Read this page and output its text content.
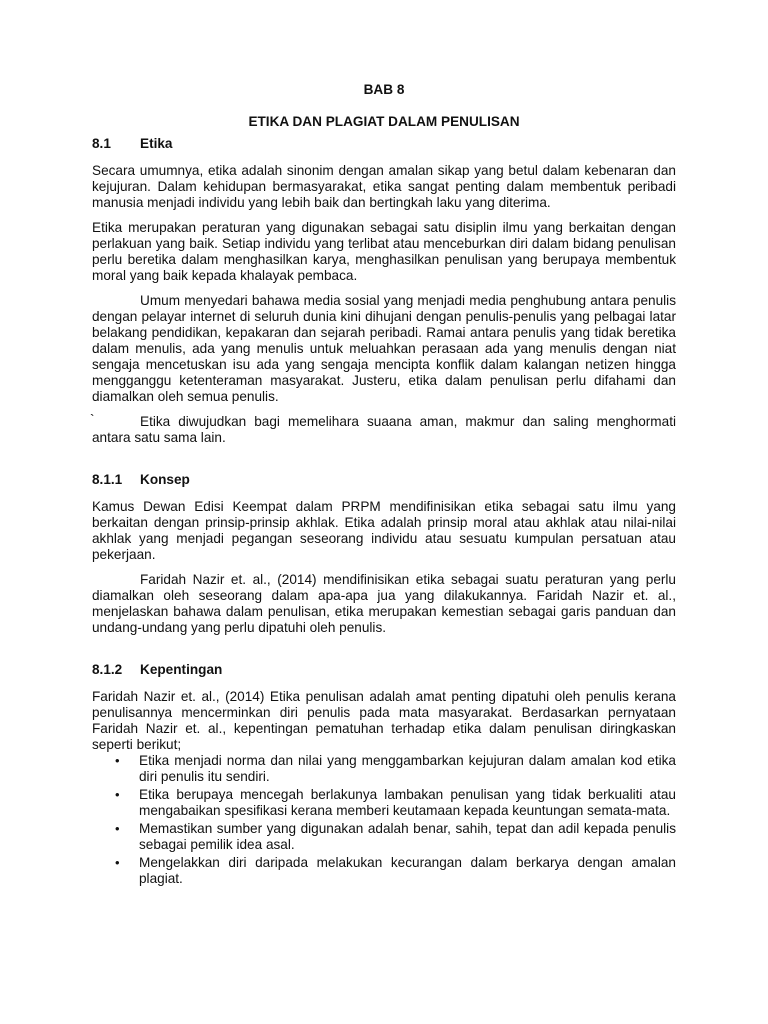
BAB 8
ETIKA DAN PLAGIAT DALAM PENULISAN
8.1	Etika

Secara umumnya, etika adalah sinonim dengan amalan sikap yang betul dalam kebenaran dan kejujuran. Dalam kehidupan bermasyarakat, etika sangat penting dalam membentuk peribadi manusia menjadi individu yang lebih baik dan bertingkah laku yang diterima.

Etika merupakan peraturan yang digunakan sebagai satu disiplin ilmu yang berkaitan dengan perlakuan yang baik. Setiap individu yang terlibat atau menceburkan diri dalam bidang penulisan perlu beretika dalam menghasilkan karya, menghasilkan penulisan yang berupaya membentuk moral yang baik kepada khalayak pembaca.

Umum menyedari bahawa media sosial yang menjadi media penghubung antara penulis dengan pelayar internet di seluruh dunia kini dihujani dengan penulis-penulis yang pelbagai latar belakang pendidikan, kepakaran dan sejarah peribadi. Ramai antara penulis yang tidak beretika dalam menulis, ada yang menulis untuk meluahkan perasaan ada yang menulis dengan niat sengaja mencetuskan isu ada yang sengaja mencipta konflik dalam kalangan netizen hingga mengganggu ketenteraman masyarakat. Justeru, etika dalam penulisan perlu difahami dan diamalkan oleh semua penulis.

`	Etika diwujudkan bagi memelihara suaana aman, makmur dan saling menghormati antara satu sama lain.

8.1.1	Konsep

Kamus Dewan Edisi Keempat dalam PRPM mendifinisikan etika sebagai satu ilmu yang berkaitan dengan prinsip-prinsip akhlak. Etika adalah prinsip moral atau akhlak atau nilai-nilai akhlak yang menjadi pegangan seseorang individu atau sesuatu kumpulan persatuan atau pekerjaan.

Faridah Nazir et. al., (2014) mendifinisikan etika sebagai suatu peraturan yang perlu diamalkan oleh seseorang dalam apa-apa jua yang dilakukannya. Faridah Nazir et. al., menjelaskan bahawa dalam penulisan, etika merupakan kemestian sebagai garis panduan dan undang-undang yang perlu dipatuhi oleh penulis.

8.1.2	Kepentingan

Faridah Nazir et. al., (2014) Etika penulisan adalah amat penting dipatuhi oleh penulis kerana penulisannya mencerminkan diri penulis pada mata masyarakat. Berdasarkan pernyataan Faridah Nazir et. al., kepentingan pematuhan terhadap etika dalam penulisan diringkaskan seperti berikut;

• Etika menjadi norma dan nilai yang menggambarkan kejujuran dalam amalan kod etika diri penulis itu sendiri.
• Etika berupaya mencegah berlakunya lambakan penulisan yang tidak berkualiti atau mengabaikan spesifikasi kerana memberi keutamaan kepada keuntungan semata-mata.
• Memastikan sumber yang digunakan adalah benar, sahih, tepat dan adil kepada penulis sebagai pemilik idea asal.
• Mengelakkan diri daripada melakukan kecurangan dalam berkarya dengan amalan plagiat.
